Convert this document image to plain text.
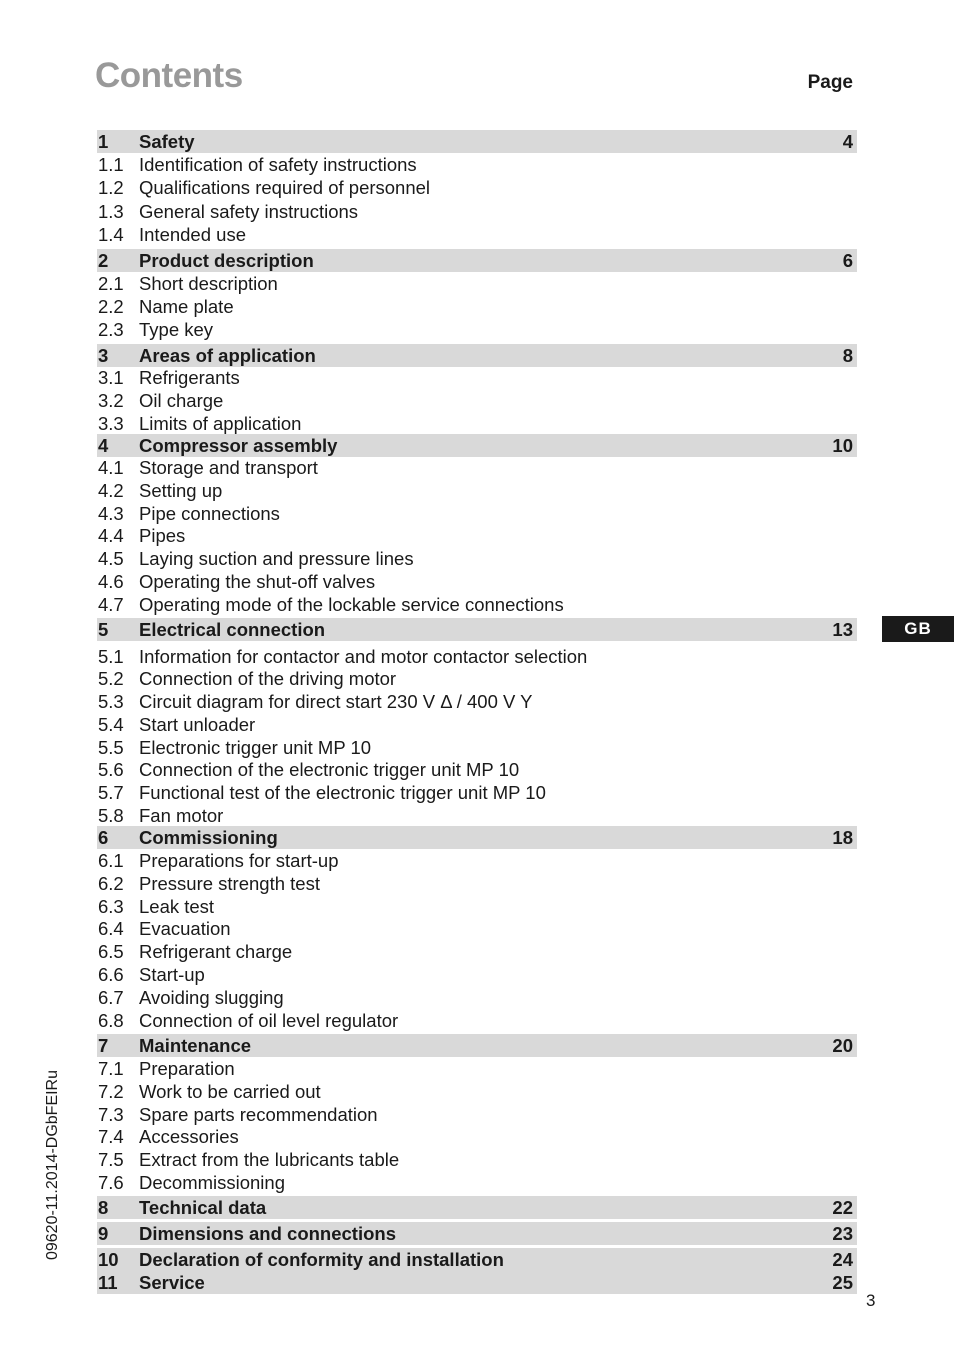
Contents	Page
1 Safety	4
1.1 Identification of safety instructions
1.2 Qualifications required of personnel
1.3 General safety instructions
1.4 Intended use
2 Product description	6
2.1 Short description
2.2 Name plate
2.3 Type key
3 Areas of application	8
3.1 Refrigerants
3.2 Oil charge
3.3 Limits of application
4 Compressor assembly	10
4.1 Storage and transport
4.2 Setting up
4.3 Pipe connections
4.4 Pipes
4.5 Laying suction and pressure lines
4.6 Operating the shut-off valves
4.7 Operating mode of the lockable service connections
5 Electrical connection	13
5.1 Information for contactor and motor contactor selection
5.2 Connection of the driving motor
5.3 Circuit diagram for direct start 230 V Δ / 400 V Y
5.4 Start unloader
5.5 Electronic trigger unit MP 10
5.6 Connection of the electronic trigger unit MP 10
5.7 Functional test of the electronic trigger unit MP 10
5.8 Fan motor
6 Commissioning	18
6.1 Preparations for start-up
6.2 Pressure strength test
6.3 Leak test
6.4 Evacuation
6.5 Refrigerant charge
6.6 Start-up
6.7 Avoiding slugging
6.8 Connection of oil level regulator
7 Maintenance	20
7.1 Preparation
7.2 Work to be carried out
7.3 Spare parts recommendation
7.4 Accessories
7.5 Extract from the lubricants table
7.6 Decommissioning
8 Technical data	22
9 Dimensions and connections	23
10 Declaration of conformity and installation	24
11 Service	25
GB
09620-11.2014-DGbFEIRu
3
